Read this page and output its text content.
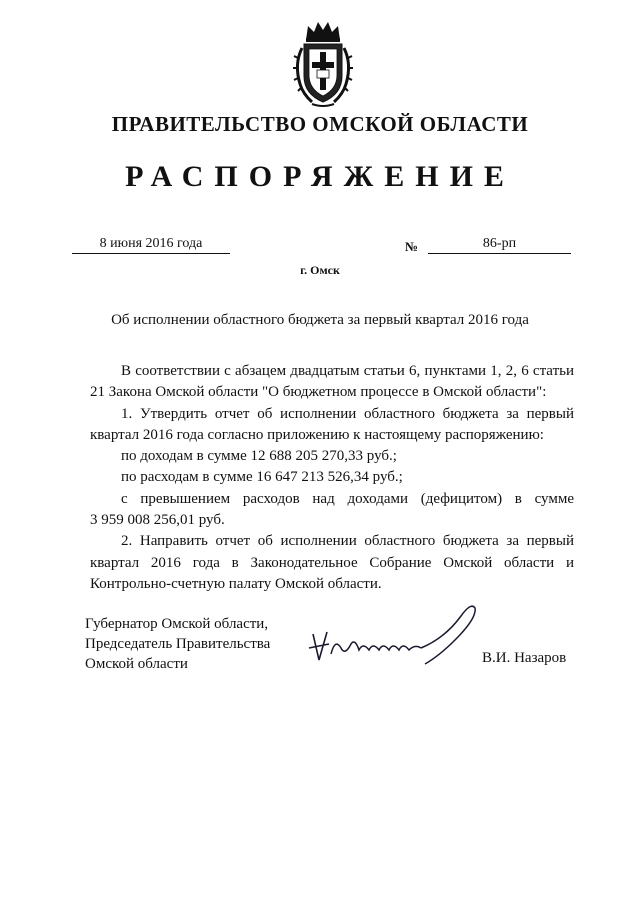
ПРАВИТЕЛЬСТВО ОМСКОЙ ОБЛАСТИ
РАСПОРЯЖЕНИЕ
8 июня 2016 года	№	86-рп
г. Омск
Об исполнении областного бюджета за первый квартал 2016 года

В соответствии с абзацем двадцатым статьи 6, пунктами 1, 2, 6 статьи 21 Закона Омской области "О бюджетном процессе в Омской области":

1. Утвердить отчет об исполнении областного бюджета за первый квартал 2016 года согласно приложению к настоящему распоряжению:

по доходам в сумме 12 688 205 270,33 руб.;

по расходам в сумме 16 647 213 526,34 руб.;

с превышением расходов над доходами (дефицитом) в сумме

3 959 008 256,01 руб.

2. Направить отчет об исполнении областного бюджета за первый квартал 2016 года в Законодательное Собрание Омской области и Контрольно-счетную палату Омской области.

Губернатор Омской области,
Председатель Правительства
Омской области	В.И. Назаров
